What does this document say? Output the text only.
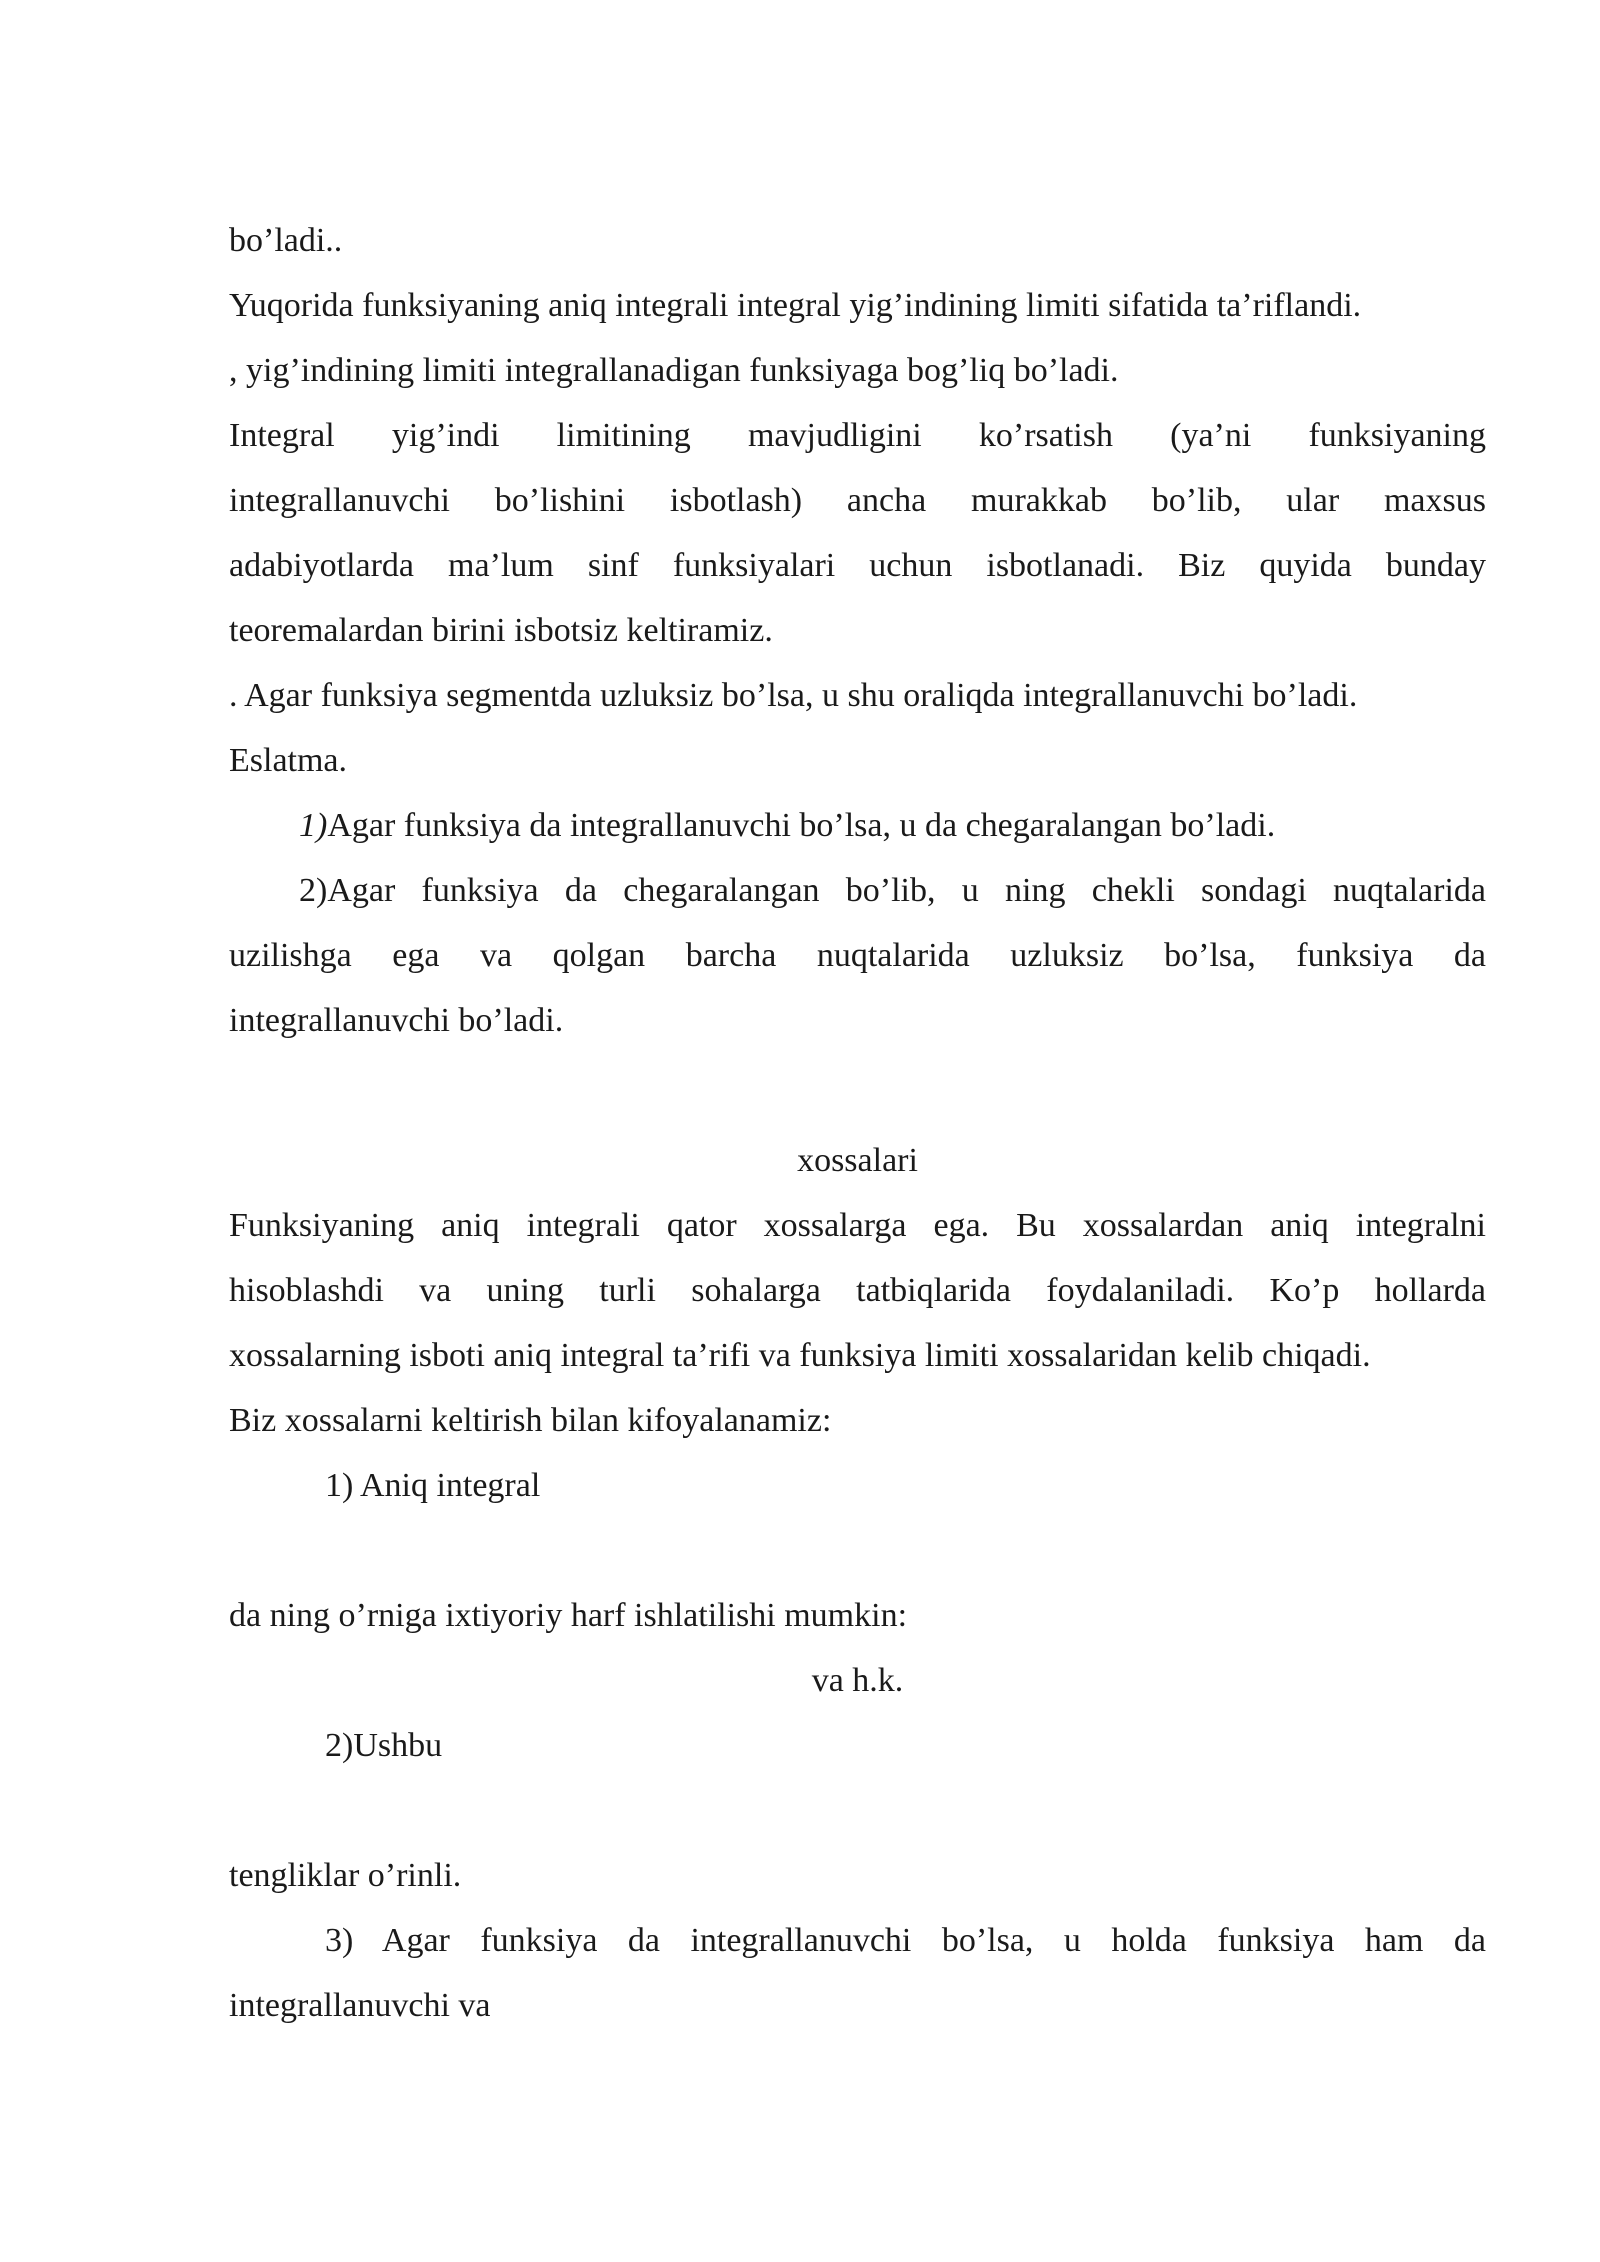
bo’ladi..
Yuqorida funksiyaning aniq integrali integral yig’indining limiti sifatida ta’riflandi.
, yig’indining limiti integrallanadigan funksiyaga bog’liq bo’ladi.
Integral yig’indi limitining mavjudligini ko’rsatish (ya’ni funksiyaning
integrallanuvchi bo’lishini isbotlash) ancha murakkab bo’lib, ular maxsus
adabiyotlarda ma’lum sinf funksiyalari uchun isbotlanadi. Biz quyida bunday
teoremalardan birini isbotsiz keltiramiz.
. Agar funksiya segmentda uzluksiz bo’lsa, u shu oraliqda integrallanuvchi bo’ladi.
Eslatma.
1)Agar funksiya da integrallanuvchi bo’lsa, u da chegaralangan bo’ladi.
2)Agar funksiya da chegaralangan bo’lib, u ning chekli sondagi nuqtalarida
uzilishga ega va qolgan barcha nuqtalarida uzluksiz bo’lsa, funksiya da
integrallanuvchi bo’ladi.
xossalari
Funksiyaning aniq integrali qator xossalarga ega. Bu xossalardan aniq integralni
hisoblashdi va uning turli sohalarga tatbiqlarida foydalaniladi. Ko’p hollarda
xossalarning isboti aniq integral ta’rifi va funksiya limiti xossalaridan kelib chiqadi.
Biz xossalarni keltirish bilan kifoyalanamiz:
1) Aniq integral
da ning o’rniga ixtiyoriy harf ishlatilishi mumkin:
va h.k.
2)Ushbu
tengliklar o’rinli.
3) Agar funksiya da integrallanuvchi bo’lsa, u holda funksiya ham da
integrallanuvchi va
